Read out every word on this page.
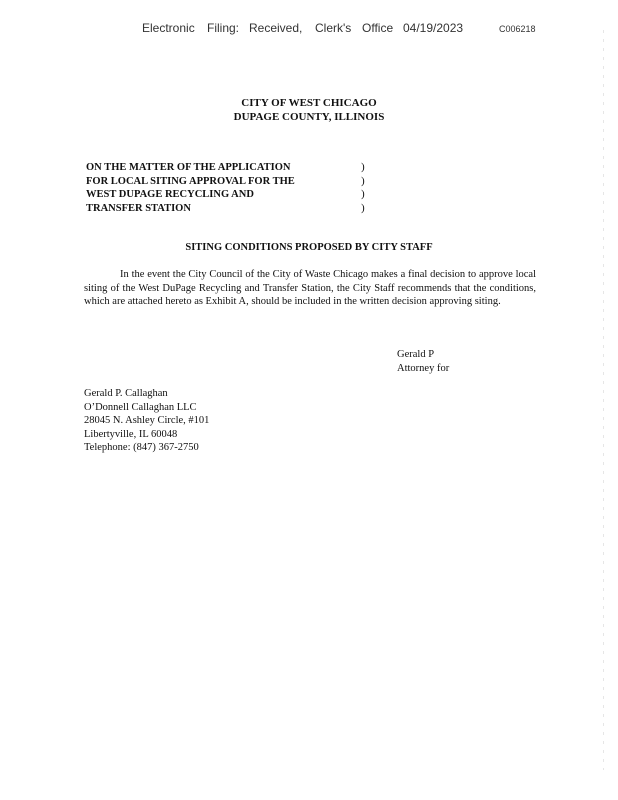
Electronic Filing: Received, Clerk's Office 04/19/2023	C006218
CITY OF WEST CHICAGO
DUPAGE COUNTY, ILLINOIS
ON THE MATTER OF THE APPLICATION
FOR LOCAL SITING APPROVAL FOR THE
WEST DUPAGE RECYCLING AND
TRANSFER STATION
)
)
)
)
SITING CONDITIONS PROPOSED BY CITY STAFF
In the event the City Council of the City of Waste Chicago makes a final decision to approve local siting of the West DuPage Recycling and Transfer Station, the City Staff recommends that the conditions, which are attached hereto as Exhibit A, should be included in the written decision approving siting.
Gerald P
Attorney for
Gerald P. Callaghan
O’Donnell Callaghan LLC
28045 N. Ashley Circle, #101
Libertyville, IL 60048
Telephone: (847) 367-2750
